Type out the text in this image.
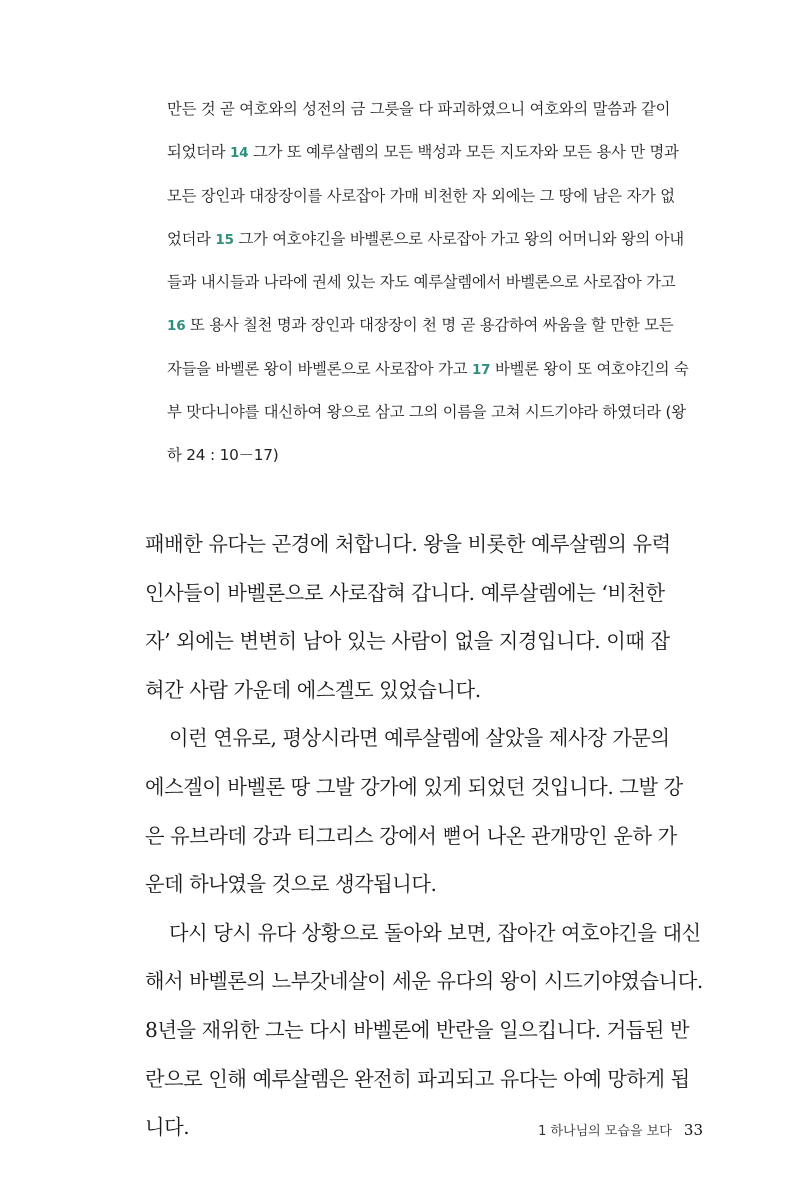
만든 것 곧 여호와의 성전의 금 그릇을 다 파괴하였으니 여호와의 말씀과 같이
되었더라 14 그가 또 예루살렘의 모든 백성과 모든 지도자와 모든 용사 만 명과
모든 장인과 대장장이를 사로잡아 가매 비천한 자 외에는 그 땅에 남은 자가 없
었더라 15 그가 여호야긴을 바벨론으로 사로잡아 가고 왕의 어머니와 왕의 아내
들과 내시들과 나라에 권세 있는 자도 예루살렘에서 바벨론으로 사로잡아 가고
16 또 용사 칠천 명과 장인과 대장장이 천 명 곧 용감하여 싸움을 할 만한 모든
자들을 바벨론 왕이 바벨론으로 사로잡아 가고 17 바벨론 왕이 또 여호야긴의 숙
부 맛다니야를 대신하여 왕으로 삼고 그의 이름을 고쳐 시드기야라 하였더라 (왕
하 24 : 10－17)
패배한 유다는 곤경에 처합니다. 왕을 비롯한 예루살렘의 유력
인사들이 바벨론으로 사로잡혀 갑니다. 예루살렘에는 ‘비천한
자’ 외에는 변변히 남아 있는 사람이 없을 지경입니다. 이때 잡
혀간 사람 가운데 에스겔도 있었습니다.
이런 연유로, 평상시라면 예루살렘에 살았을 제사장 가문의
에스겔이 바벨론 땅 그발 강가에 있게 되었던 것입니다. 그발 강
은 유브라데 강과 티그리스 강에서 뻗어 나온 관개망인 운하 가
운데 하나였을 것으로 생각됩니다.
다시 당시 유다 상황으로 돌아와 보면, 잡아간 여호야긴을 대신
해서 바벨론의 느부갓네살이 세운 유다의 왕이 시드기야였습니다.
8년을 재위한 그는 다시 바벨론에 반란을 일으킵니다. 거듭된 반
란으로 인해 예루살렘은 완전히 파괴되고 유다는 아예 망하게 됩
니다.	1 하나님의 모습을 보다 33
